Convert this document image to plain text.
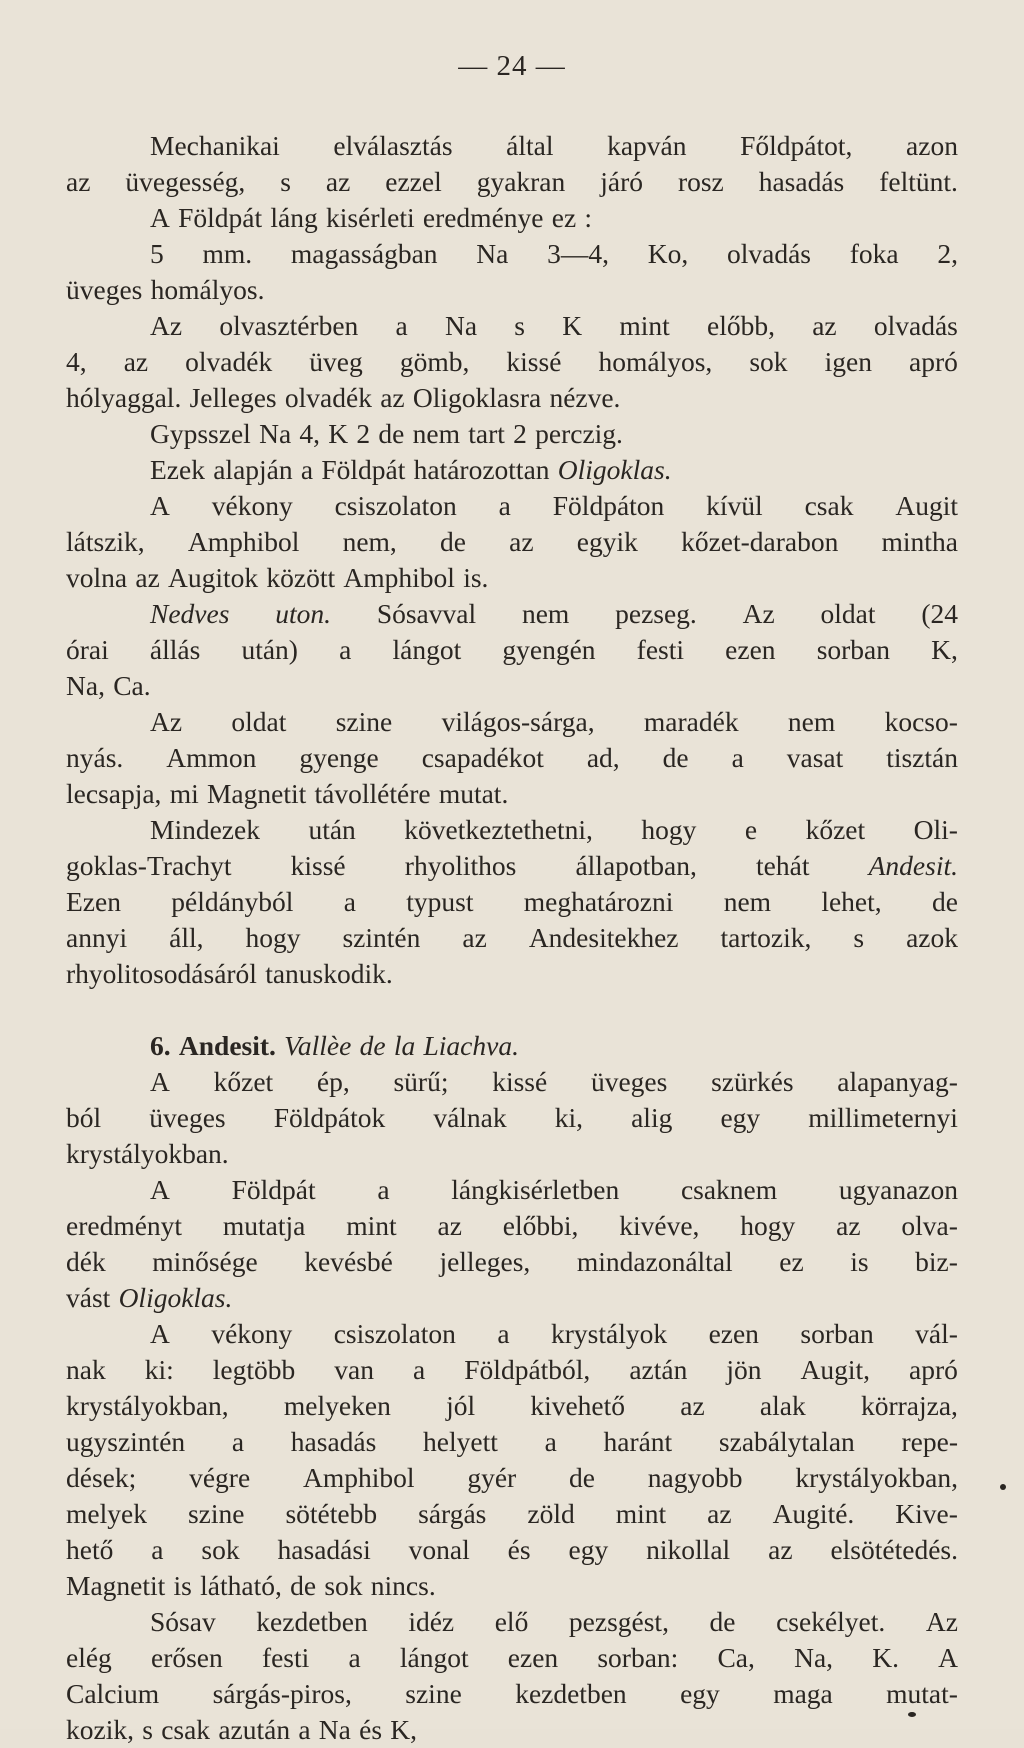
— 24 —
Mechanikai elválasztás által kapván Főldpátot, azon
az üvegesség, s az ezzel gyakran járó rosz hasadás feltünt.
A Földpát láng kisérleti eredménye ez :
5 mm. magasságban Na 3—4, Ko, olvadás foka 2,
üveges homályos.
Az olvasztérben a Na s K mint előbb, az olvadás
4, az olvadék üveg gömb, kissé homályos, sok igen apró
hólyaggal. Jelleges olvadék az Oligoklasra nézve.
Gypsszel Na 4, K 2 de nem tart 2 perczig.
Ezek alapján a Földpát határozottan Oligoklas.
A vékony csiszolaton a Földpáton kívül csak Augit
látszik, Amphibol nem, de az egyik kőzet-darabon mintha
volna az Augitok között Amphibol is.
Nedves uton. Sósavval nem pezseg. Az oldat (24
órai állás után) a lángot gyengén festi ezen sorban K,
Na, Ca.
Az oldat szine világos-sárga, maradék nem kocso-
nyás. Ammon gyenge csapadékot ad, de a vasat tisztán
lecsapja, mi Magnetit távollétére mutat.
Mindezek után következtethetni, hogy e kőzet Oli-
goklas-Trachyt kissé rhyolithos állapotban, tehát Andesit.
Ezen példányból a typust meghatározni nem lehet, de
annyi áll, hogy szintén az Andesitekhez tartozik, s azok
rhyolitosodásáról tanuskodik.
6. Andesit. Vallèe de la Liachva.
A kőzet ép, sürű; kissé üveges szürkés alapanyag-
ból üveges Földpátok válnak ki, alig egy millimeternyi
krystályokban.
A Földpát a lángkisérletben csaknem ugyanazon
eredményt mutatja mint az előbbi, kivéve, hogy az olva-
dék minősége kevésbé jelleges, mindazonáltal ez is biz-
vást Oligoklas.
A vékony csiszolaton a krystályok ezen sorban vál-
nak ki: legtöbb van a Földpátból, aztán jön Augit, apró
krystályokban, melyeken jól kivehető az alak körrajza,
ugyszintén a hasadás helyett a haránt szabálytalan repe-
dések; végre Amphibol gyér de nagyobb krystályokban,
melyek szine sötétebb sárgás zöld mint az Augité. Kive-
hető a sok hasadási vonal és egy nikollal az elsötétedés.
Magnetit is látható, de sok nincs.
Sósav kezdetben idéz elő pezsgést, de csekélyet. Az
elég erősen festi a lángot ezen sorban: Ca, Na, K. A
Calcium sárgás-piros, szine kezdetben egy maga mutat-
kozik, s csak azután a Na és K,
